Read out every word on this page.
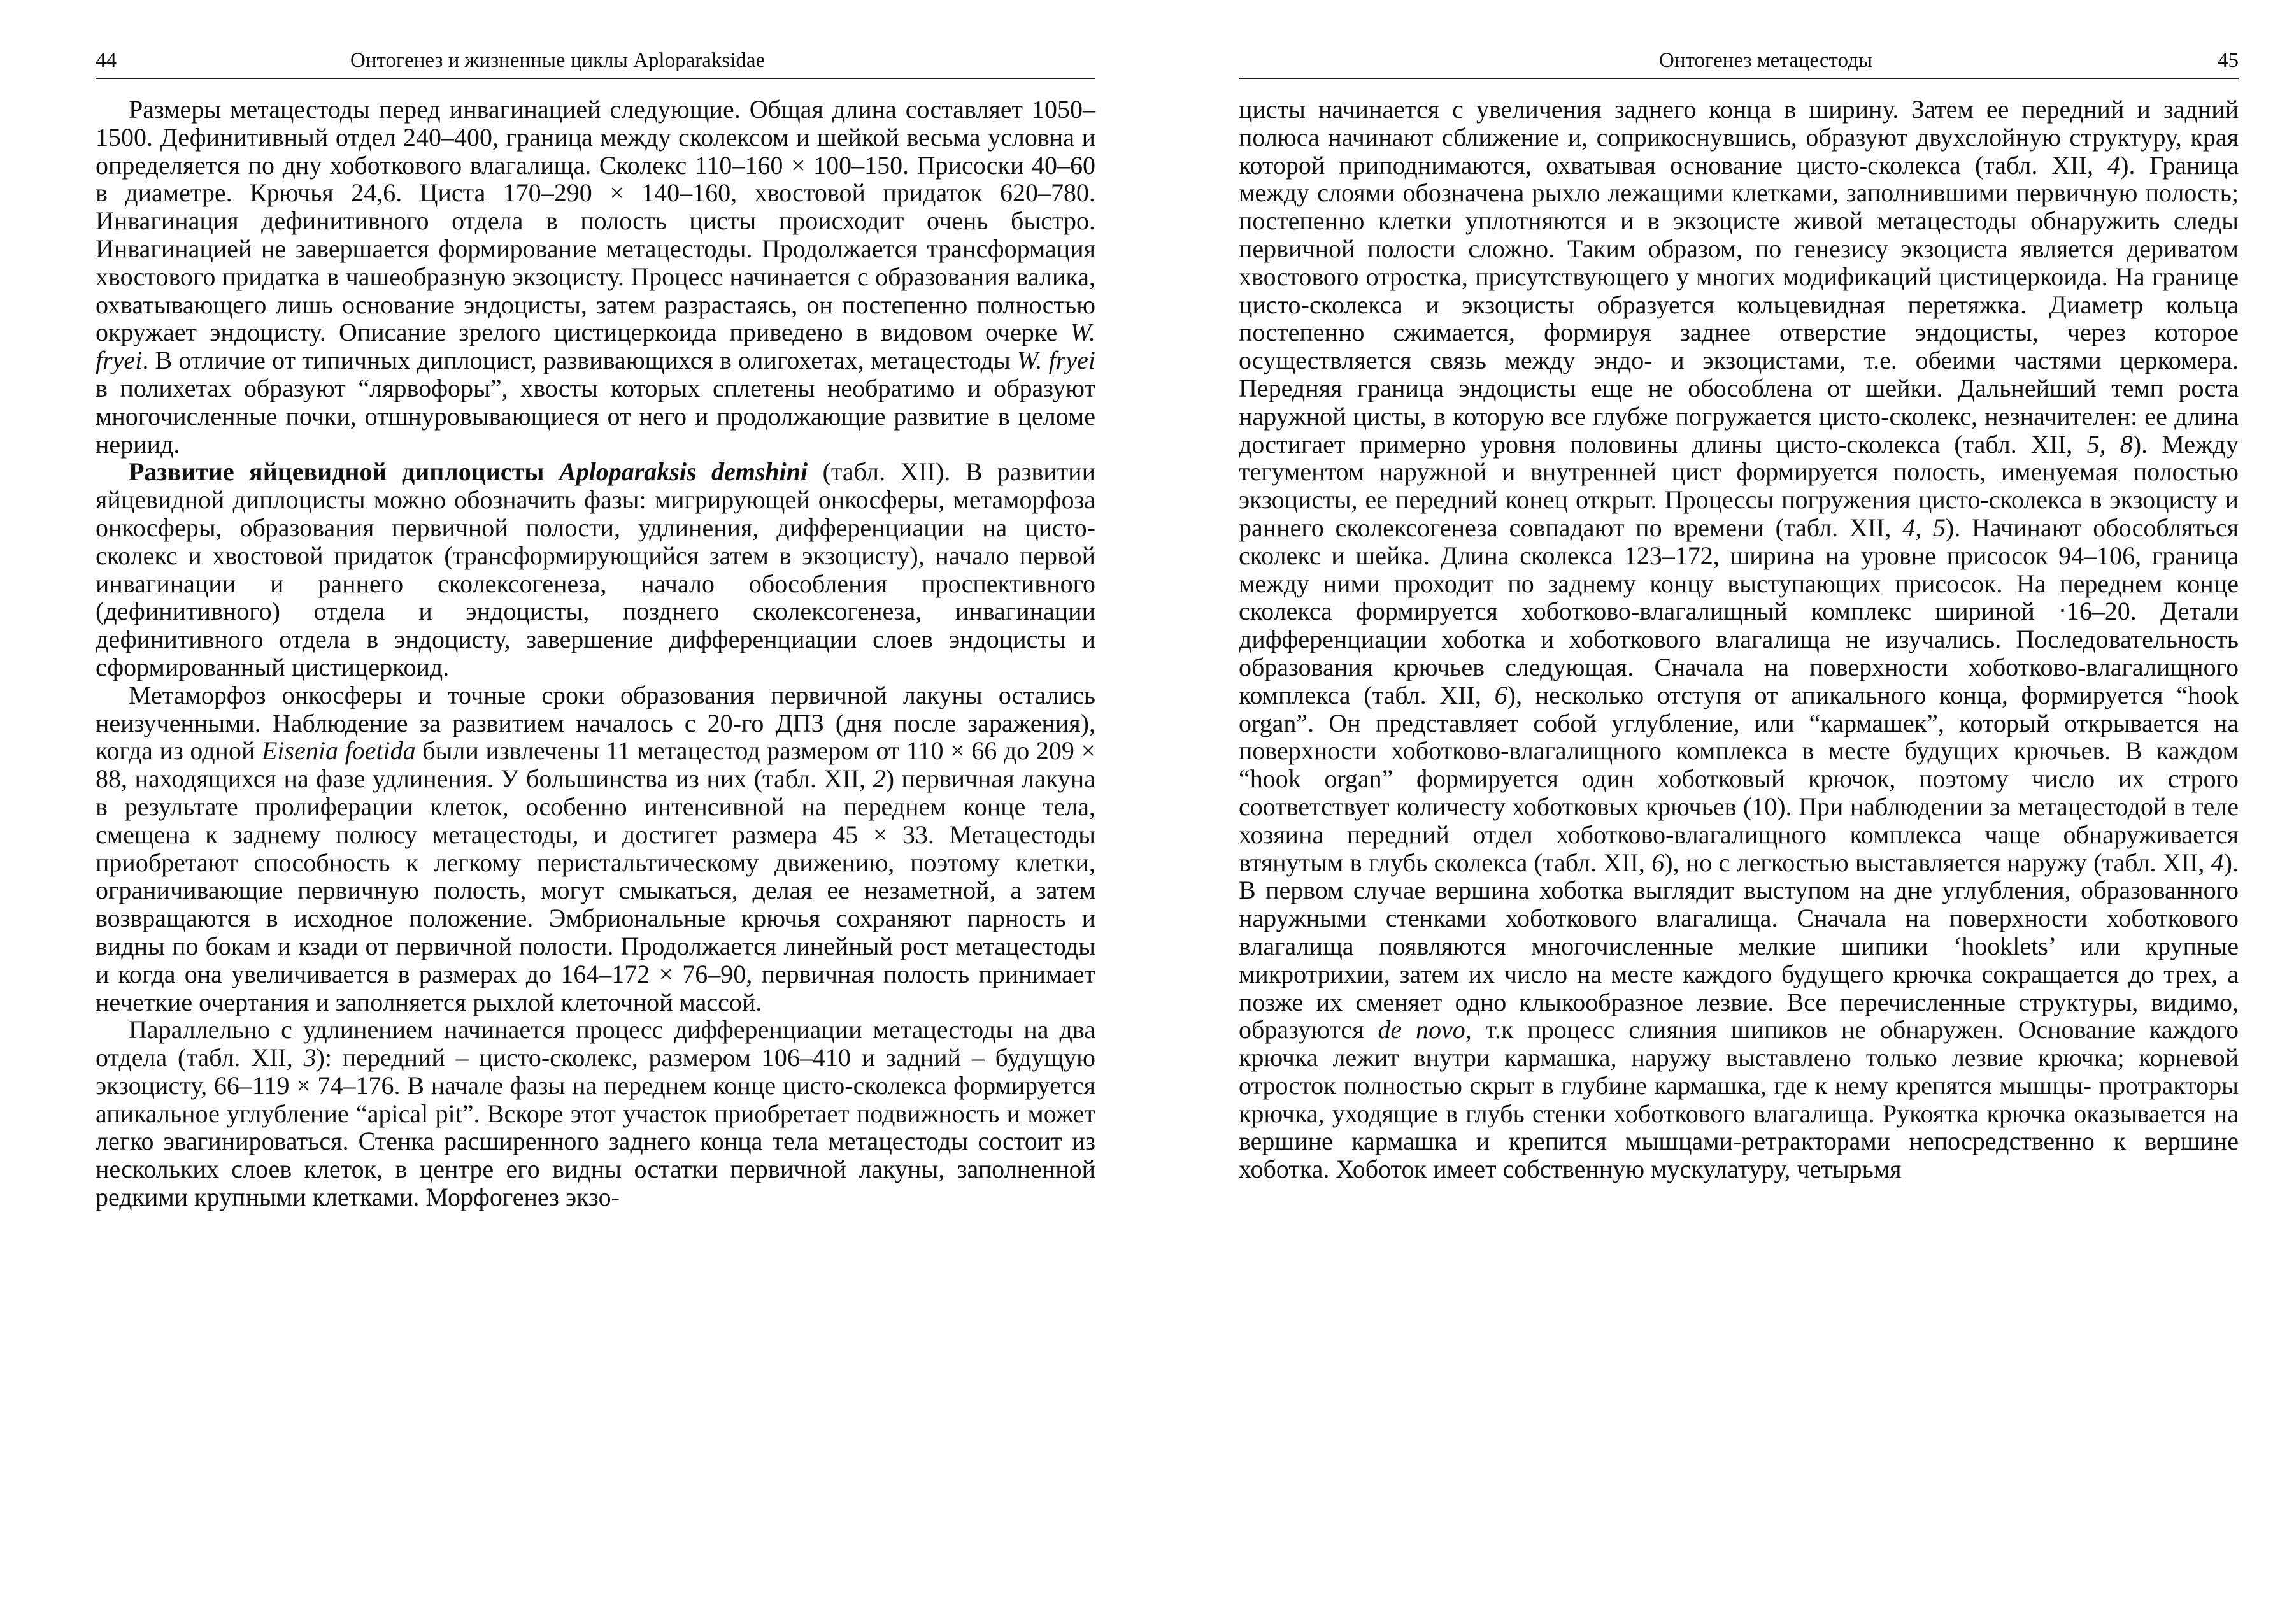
44	Онтогенез и жизненные циклы Aploparaksidae

Размеры метацестоды перед инвагинацией следующие. Общая длина составляет 1050–1500. Дефинитивный отдел 240–400, граница между сколексом и шейкой весьма условна и определяется по дну хоботкового влагалища. Сколекс 110–160 × 100–150. Присоски 40–60 в диаметре. Крючья 24,6. Циста 170–290 × 140–160, хвостовой придаток 620–780. Инвагинация дефинитивного отдела в полость цисты происходит очень быстро. Инвагинацией не завершается формирование метацестоды. Продолжается трансформация хвостового придатка в чашеобразную экзоцисту. Процесс начинается с образования валика, охватывающего лишь основание эндоцисты, затем разрастаясь, он постепенно полностью окружает эндоцисту. Описание зрелого цистицеркоида приведено в видовом очерке W. fryei. В отличие от типичных диплоцист, развивающихся в олигохетах, метацестоды W. fryei в полихетах образуют “лярвофоры”, хвосты которых сплетены необратимо и образуют многочисленные почки, отшнуровывающиеся от него и продолжающие развитие в целоме нериид.

Развитие яйцевидной диплоцисты Aploparaksis demshini (табл. XII). В развитии яйцевидной диплоцисты можно обозначить фазы: мигрирующей онкосферы, метаморфоза онкосферы, образования первичной полости, удлинения, дифференциации на цисто-сколекс и хвостовой придаток (трансформирующийся затем в экзоцисту), начало первой инвагинации и раннего сколексогенеза, начало обособления проспективного (дефинитивного) отдела и эндоцисты, позднего сколексогенеза, инвагинации дефинитивного отдела в эндоцисту, завершение дифференциации слоев эндоцисты и сформированный цистицеркоид.

Метаморфоз онкосферы и точные сроки образования первичной лакуны остались неизученными. Наблюдение за развитием началось с 20-го ДПЗ (дня после заражения), когда из одной Eisenia foetida были извлечены 11 метацестод размером от 110 × 66 до 209 × 88, находящихся на фазе удлинения. У большинства из них (табл. XII, 2) первичная лакуна в результате пролиферации клеток, особенно интенсивной на переднем конце тела, смещена к заднему полюсу метацестоды, и достигет размера 45 × 33. Метацестоды приобретают способность к легкому перистальтическому движению, поэтому клетки, ограничивающие первичную полость, могут смыкаться, делая ее незаметной, а затем возвращаются в исходное положение. Эмбриональные крючья сохраняют парность и видны по бокам и кзади от первичной полости. Продолжается линейный рост метацестоды и когда она увеличивается в размерах до 164–172 × 76–90, первичная полость принимает нечеткие очертания и заполняется рыхлой клеточной массой.

Параллельно с удлинением начинается процесс дифференциации метацестоды на два отдела (табл. XII, 3): передний – цисто-сколекс, размером 106–410 и задний – будущую экзоцисту, 66–119 × 74–176. В начале фазы на переднем конце цисто-сколекса формируется апикальное углубление “apical pit”. Вскоре этот участок приобретает подвижность и может легко эвагинироваться. Стенка расширенного заднего конца тела метацестоды состоит из нескольких слоев клеток, в центре его видны остатки первичной лакуны, заполненной редкими крупными клетками. Морфогенез экзо-

Онтогенез метацестоды	45

цисты начинается с увеличения заднего конца в ширину. Затем ее передний и задний полюса начинают сближение и, соприкоснувшись, образуют двухслойную структуру, края которой приподнимаются, охватывая основание цисто-сколекса (табл. XII, 4). Граница между слоями обозначена рыхло лежащими клетками, заполнившими первичную полость; постепенно клетки уплотняются и в экзоцисте живой метацестоды обнаружить следы первичной полости сложно. Таким образом, по генезису экзоциста является дериватом хвостового отростка, присутствующего у многих модификаций цистицеркоида. На границе цисто-сколекса и экзоцисты образуется кольцевидная перетяжка. Диаметр кольца постепенно сжимается, формируя заднее отверстие эндоцисты, через которое осуществляется связь между эндо- и экзоцистами, т.е. обеими частями церкомера. Передняя граница эндоцисты еще не обособлена от шейки. Дальнейший темп роста наружной цисты, в которую все глубже погружается цисто-сколекс, незначителен: ее длина достигает примерно уровня половины длины цисто-сколекса (табл. XII, 5, 8). Между тегументом наружной и внутренней цист формируется полость, именуемая полостью экзоцисты, ее передний конец открыт. Процессы погружения цисто-сколекса в экзоцисту и раннего сколексогенеза совпадают по времени (табл. XII, 4, 5). Начинают обособляться сколекс и шейка. Длина сколекса 123–172, ширина на уровне присосок 94–106, граница между ними проходит по заднему концу выступающих присосок. На переднем конце сколекса формируется хоботково-влагалищный комплекс шириной ‧16–20. Детали дифференциации хоботка и хоботкового влагалища не изучались. Последовательность образования крючьев следующая. Сначала на поверхности хоботково-влагалищного комплекса (табл. XII, 6), несколько отступя от апикального конца, формируется “hook organ”. Он представляет собой углубление, или “кармашек”, который открывается на поверхности хоботково-влагалищного комплекса в месте будущих крючьев. В каждом “hook organ” формируется один хоботковый крючок, поэтому число их строго соответствует количесту хоботковых крючьев (10). При наблюдении за метацестодой в теле хозяина передний отдел хоботково-влагалищного комплекса чаще обнаруживается втянутым в глубь сколекса (табл. XII, 6), но с легкостью выставляется наружу (табл. XII, 4). В первом случае вершина хоботка выглядит выступом на дне углубления, образованного наружными стенками хоботкового влагалища. Сначала на поверхности хоботкового влагалища появляются многочисленные мелкие шипики ‘hooklets’ или крупные микротрихии, затем их число на месте каждого будущего крючка сокращается до трех, а позже их сменяет одно клыкообразное лезвие. Все перечисленные структуры, видимо, образуются de novo, т.к процесс слияния шипиков не обнаружен. Основание каждого крючка лежит внутри кармашка, наружу выставлено только лезвие крючка; корневой отросток полностью скрыт в глубине кармашка, где к нему крепятся мышцы- протракторы крючка, уходящие в глубь стенки хоботкового влагалища. Рукоятка крючка оказывается на вершине кармашка и крепится мышцами-ретракторами непосредственно к вершине хоботка. Хоботок имеет собственную мускулатуру, четырьмя
